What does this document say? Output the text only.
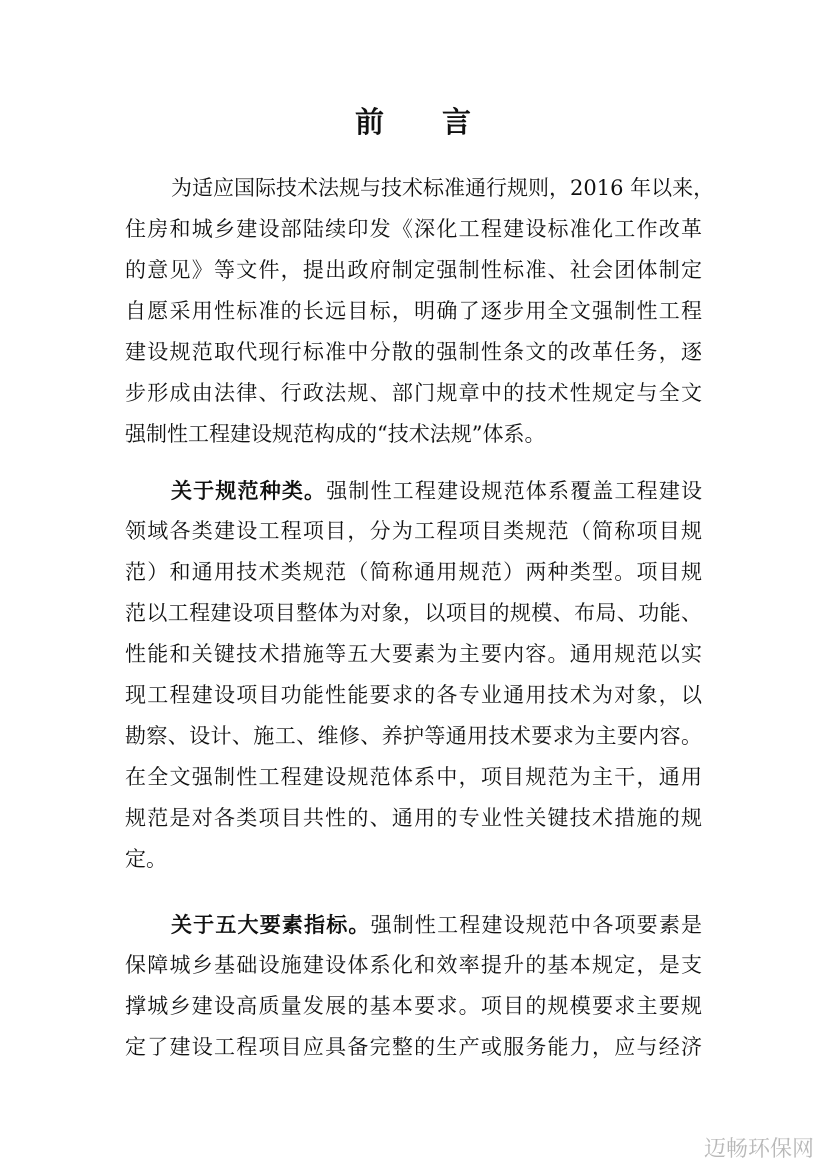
前　　言
为适应国际技术法规与技术标准通行规则，2016 年以来，
住房和城乡建设部陆续印发《深化工程建设标准化工作改革
的意见》等文件，提出政府制定强制性标准、社会团体制定
自愿采用性标准的长远目标，明确了逐步用全文强制性工程
建设规范取代现行标准中分散的强制性条文的改革任务，逐
步形成由法律、行政法规、部门规章中的技术性规定与全文
强制性工程建设规范构成的“技术法规”体系。
关于规范种类。强制性工程建设规范体系覆盖工程建设
领域各类建设工程项目，分为工程项目类规范（简称项目规
范）和通用技术类规范（简称通用规范）两种类型。项目规
范以工程建设项目整体为对象，以项目的规模、布局、功能、
性能和关键技术措施等五大要素为主要内容。通用规范以实
现工程建设项目功能性能要求的各专业通用技术为对象，以
勘察、设计、施工、维修、养护等通用技术要求为主要内容。
在全文强制性工程建设规范体系中，项目规范为主干，通用
规范是对各类项目共性的、通用的专业性关键技术措施的规
定。
关于五大要素指标。强制性工程建设规范中各项要素是
保障城乡基础设施建设体系化和效率提升的基本规定，是支
撑城乡建设高质量发展的基本要求。项目的规模要求主要规
定了建设工程项目应具备完整的生产或服务能力，应与经济
迈畅环保网
